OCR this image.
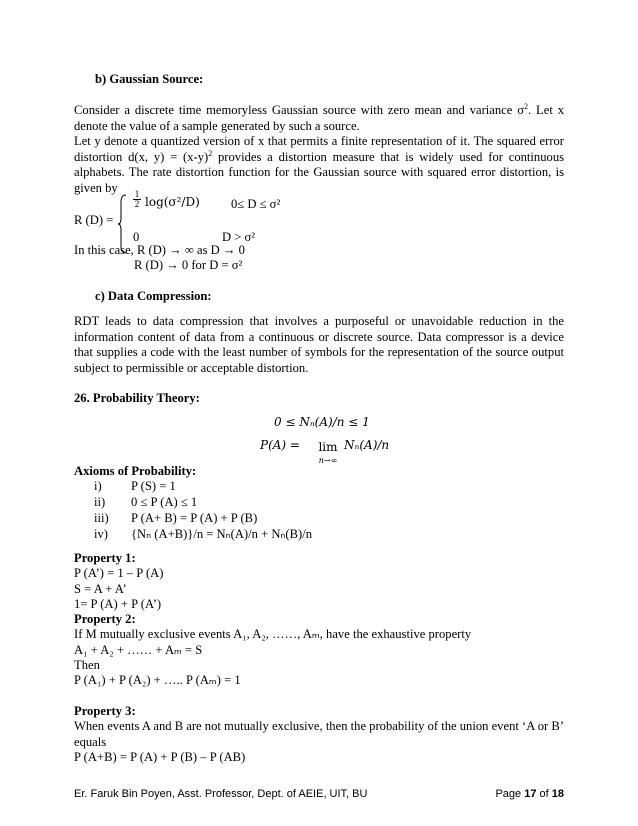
b) Gaussian Source:
Consider a discrete time memoryless Gaussian source with zero mean and variance $\sigma^2$. Let x denote the value of a sample generated by such a source.
Let y denote a quantized version of x that permits a finite representation of it. The squared error distortion d(x, $y) = (x-y)^2$ provides a distortion measure that is widely used for continuous alphabets. The rate distortion function for the Gaussian source with squared error distortion, is given by
R (D) =
1
2 log(σ²/D) 0≤ D ≤ σ²
0	D > σ²
In this case, R (D) → ∞ as D → 0
R (D) → 0 for D = σ²
c) Data Compression:
RDT leads to data compression that involves a purposeful or unavoidable reduction in the information content of data from a continuous or discrete source. Data compressor is a device that supplies a code with the least number of symbols for the representation of the source output subject to permissible or acceptable distortion.
26. Probability Theory:
0 ≤ Nₙ(A)/n ≤ 1
P(A) = lim
n→∞
Nₙ(A)/n
Axioms of Probability:
i) P (S) = 1
ii) 0 ≤ P (A) ≤ 1
iii) P (A+ B) = P (A) + P (B)
iv) {Nₙ (A+B)}/n = Nₙ(A)/n + Nₙ(B)/n
Property 1:
P (A’) = 1 – P (A)
S = A + A’
1= P (A) + P (A’)
Property 2:
If M mutually exclusive events A₁, A₂, ……, Aₘ, have the exhaustive property
A₁ + A₂ + …… + Aₘ = S
Then
P (A₁) + P (A₂) + ….. P (Aₘ) = 1
Property 3:
When events A and B are not mutually exclusive, then the probability of the union event ‘A or B’ equals
P (A+B) = P (A) + P (B) – P (AB)
Er. Faruk Bin Poyen, Asst. Professor, Dept. of AEIE, UIT, BU	Page 17 of 18
